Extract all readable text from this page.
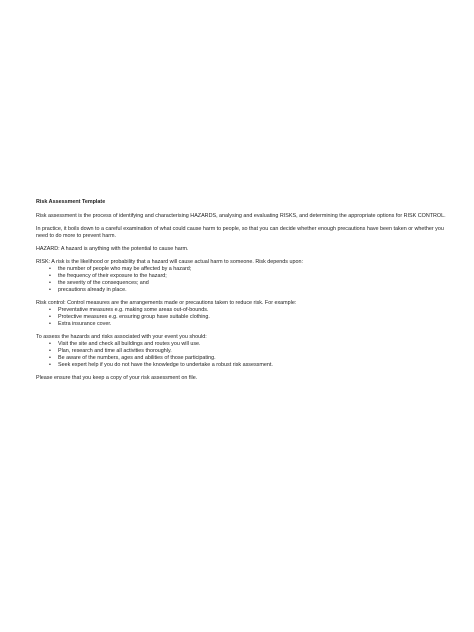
Risk Assessment Template

Risk assessment is the process of identifying and characterising HAZARDS, analysing and evaluating RISKS, and determining the appropriate options for RISK CONTROL.

In practice, it boils down to a careful examination of what could cause harm to people, so that you can decide whether enough precautions have been taken or whether you need to do more to prevent harm.

HAZARD: A hazard is anything with the potential to cause harm.

RISK: A risk is the likelihood or probability that a hazard will cause actual harm to someone. Risk depends upon:

• the number of people who may be affected by a hazard;
• the frequency of their exposure to the hazard;
• the severity of the consequences; and
• precautions already in place.

Risk control: Control measures are the arrangements made or precautions taken to reduce risk. For example:

• Preventative measures e.g. making some areas out-of-bounds.
• Protective measures e.g. ensuring group have suitable clothing.
• Extra insurance cover.

To assess the hazards and risks associated with your event you should:

• Visit the site and check all buildings and routes you will use.
• Plan, research and time all activities thoroughly.
• Be aware of the numbers, ages and abilities of those participating.
• Seek expert help if you do not have the knowledge to undertake a robust risk assessment.

Please ensure that you keep a copy of your risk assessment on file.
